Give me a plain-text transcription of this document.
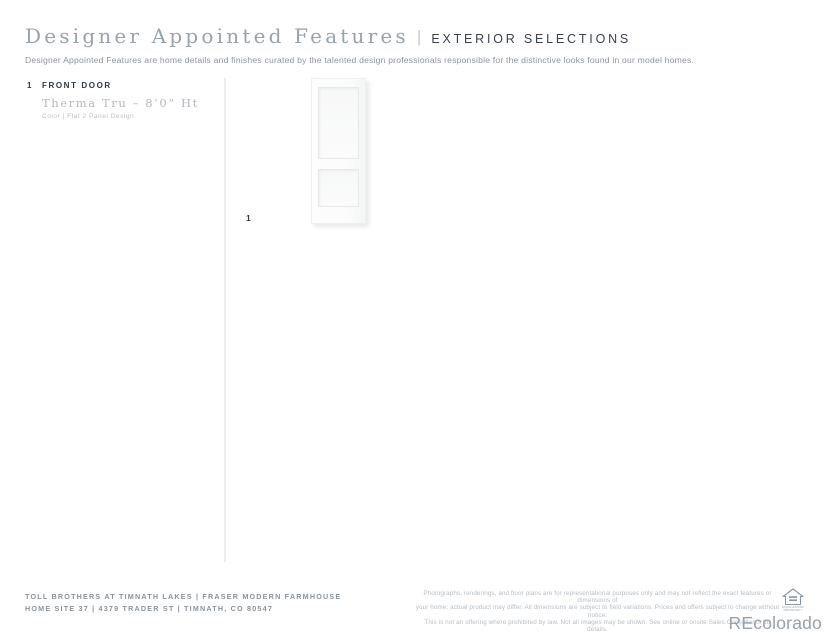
Designer Appointed Features | EXTERIOR SELECTIONS
Designer Appointed Features are home details and finishes curated by the talented design professionals responsible for the distinctive looks found in our model homes.
1	FRONT DOOR
Therma Tru – 8’0” Ht
Color | Flat 2 Panel Design
1
TOLL BROTHERS AT TIMNATH LAKES | FRASER MODERN FARMHOUSE
HOME SITE 37 | 4379 TRADER ST | TIMNATH, CO 80547
Photographs, renderings, and floor plans are for representational purposes only and may not reflect the exact features or dimensions of
your home; actual product may differ. All dimensions are subject to field variations. Prices and offers subject to change without notice.
This is not an offering where prohibited by law. Not all images may be shown. See online or onsite Sales Consultants for details.
EQUAL HOUSING
OPPORTUNITY
REcolorado
